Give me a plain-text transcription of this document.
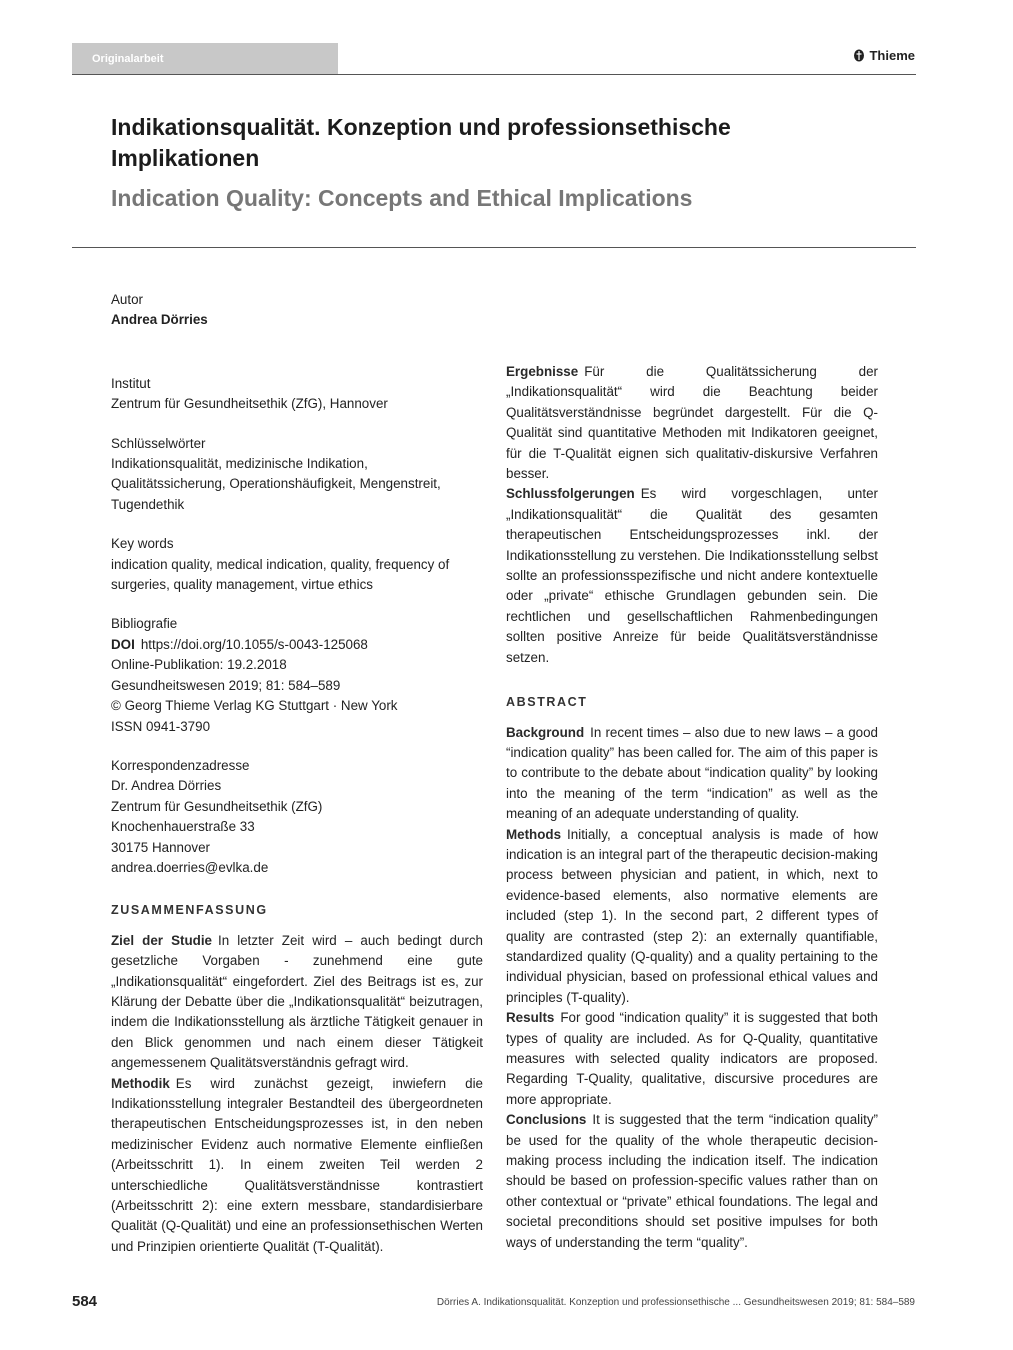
Originalarbeit	Thieme
Indikationsqualität. Konzeption und professionsethische Implikationen
Indication Quality: Concepts and Ethical Implications

Autor

Andrea Dörries

Institut

Zentrum für Gesundheitsethik (ZfG), Hannover

Schlüsselwörter

Indikationsqualität, medizinische Indikation, Qualitätssicherung, Operationshäufigkeit, Mengenstreit, Tugendethik

Key words

indication quality, medical indication, quality, frequency of surgeries, quality management, virtue ethics

Bibliografie

DOI https://doi.org/10.1055/s-0043-125068

Online-Publikation: 19.2.2018

Gesundheitswesen 2019; 81: 584–589

© Georg Thieme Verlag KG Stuttgart · New York

ISSN 0941-3790

Korrespondenzadresse

Dr. Andrea Dörries

Zentrum für Gesundheitsethik (ZfG)

Knochenhauerstraße 33

30175 Hannover

andrea.doerries@evlka.de

ZUSAMMENFASSUNG

Ziel der Studie In letzter Zeit wird – auch bedingt durch gesetzliche Vorgaben - zunehmend eine gute „Indikationsqualität“ eingefordert. Ziel des Beitrags ist es, zur Klärung der Debatte über die „Indikationsqualität“ beizutragen, indem die Indikationsstellung als ärztliche Tätigkeit genauer in den Blick genommen und nach einem dieser Tätigkeit angemessenem Qualitätsverständnis gefragt wird.

Methodik Es wird zunächst gezeigt, inwiefern die Indikationsstellung integraler Bestandteil des übergeordneten therapeutischen Entscheidungsprozesses ist, in den neben medizinischer Evidenz auch normative Elemente einfließen (Arbeitsschritt 1). In einem zweiten Teil werden 2 unterschiedliche Qualitätsverständnisse kontrastiert (Arbeitsschritt 2): eine extern messbare, standardisierbare Qualität (Q-Qualität) und eine an professionsethischen Werten und Prinzipien orientierte Qualität (T-Qualität).

Ergebnisse Für die Qualitätssicherung der „Indikationsqualität“ wird die Beachtung beider Qualitätsverständnisse begründet dargestellt. Für die Q-Qualität sind quantitative Methoden mit Indikatoren geeignet, für die T-Qualität eignen sich qualitativ-diskursive Verfahren besser.

Schlussfolgerungen Es wird vorgeschlagen, unter „Indikationsqualität“ die Qualität des gesamten therapeutischen Entscheidungsprozesses inkl. der Indikationsstellung zu verstehen. Die Indikationsstellung selbst sollte an professionsspezifische und nicht andere kontextuelle oder „private“ ethische Grundlagen gebunden sein. Die rechtlichen und gesellschaftlichen Rahmenbedingungen sollten positive Anreize für beide Qualitätsverständnisse setzen.

ABSTRACT

Background In recent times – also due to new laws – a good “indication quality” has been called for. The aim of this paper is to contribute to the debate about “indication quality” by looking into the meaning of the term “indication” as well as the meaning of an adequate understanding of quality.

Methods Initially, a conceptual analysis is made of how indication is an integral part of the therapeutic decision-making process between physician and patient, in which, next to evidence-based elements, also normative elements are included (step 1). In the second part, 2 different types of quality are contrasted (step 2): an externally quantifiable, standardized quality (Q-quality) and a quality pertaining to the individual physician, based on professional ethical values and principles (T-quality).

Results For good “indication quality” it is suggested that both types of quality are included. As for Q-Quality, quantitative measures with selected quality indicators are proposed. Regarding T-Quality, qualitative, discursive procedures are more appropriate.

Conclusions It is suggested that the term “indication quality” be used for the quality of the whole therapeutic decision-making process including the indication itself. The indication should be based on profession-specific values rather than on other contextual or “private” ethical foundations. The legal and societal preconditions should set positive impulses for both ways of understanding the term “quality”.

584	Dörries A. Indikationsqualität. Konzeption und professionsethische ... Gesundheitswesen 2019; 81: 584–589
